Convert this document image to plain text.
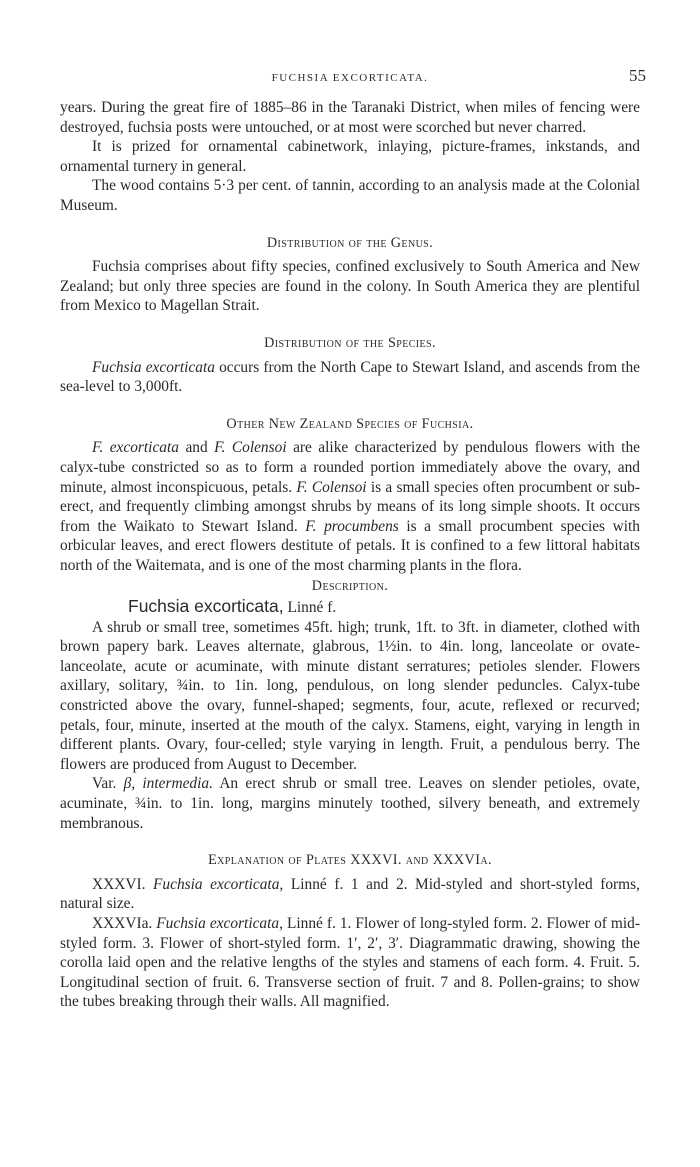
FUCHSIA EXCORTICATA.	55

years. During the great fire of 1885–86 in the Taranaki District, when miles of fencing were destroyed, fuchsia posts were untouched, or at most were scorched but never charred.

It is prized for ornamental cabinetwork, inlaying, picture-frames, inkstands, and ornamental turnery in general.

The wood contains 5·3 per cent. of tannin, according to an analysis made at the Colonial Museum.

Distribution of the Genus.

Fuchsia comprises about fifty species, confined exclusively to South America and New Zealand; but only three species are found in the colony. In South America they are plentiful from Mexico to Magellan Strait.

Distribution of the Species.

Fuchsia excorticata occurs from the North Cape to Stewart Island, and ascends from the sea-level to 3,000ft.

Other New Zealand Species of Fuchsia.

F. excorticata and F. Colensoi are alike characterized by pendulous flowers with the calyx-tube constricted so as to form a rounded portion immediately above the ovary, and minute, almost inconspicuous, petals. F. Colensoi is a small species often procumbent or sub-erect, and frequently climbing amongst shrubs by means of its long simple shoots. It occurs from the Waikato to Stewart Island. F. procumbens is a small procumbent species with orbicular leaves, and erect flowers destitute of petals. It is confined to a few littoral habitats north of the Waitemata, and is one of the most charming plants in the flora.

Description.

Fuchsia excorticata, Linné f.

A shrub or small tree, sometimes 45ft. high; trunk, 1ft. to 3ft. in diameter, clothed with brown papery bark. Leaves alternate, glabrous, 1½in. to 4in. long, lanceolate or ovate-lanceolate, acute or acuminate, with minute distant serratures; petioles slender. Flowers axillary, solitary, ¾in. to 1in. long, pendulous, on long slender peduncles. Calyx-tube constricted above the ovary, funnel-shaped; segments, four, acute, reflexed or recurved; petals, four, minute, inserted at the mouth of the calyx. Stamens, eight, varying in length in different plants. Ovary, four-celled; style varying in length. Fruit, a pendulous berry. The flowers are produced from August to December.

Var. β, intermedia. An erect shrub or small tree. Leaves on slender petioles, ovate, acuminate, ¾in. to 1in. long, margins minutely toothed, silvery beneath, and extremely membranous.

Explanation of Plates XXXVI. and XXXVIa.

XXXVI. Fuchsia excorticata, Linné f. 1 and 2. Mid-styled and short-styled forms, natural size.

XXXVIa. Fuchsia excorticata, Linné f. 1. Flower of long-styled form. 2. Flower of mid-styled form. 3. Flower of short-styled form. 1′, 2′, 3′. Diagrammatic drawing, showing the corolla laid open and the relative lengths of the styles and stamens of each form. 4. Fruit. 5. Longitudinal section of fruit. 6. Transverse section of fruit. 7 and 8. Pollen-grains; to show the tubes breaking through their walls. All magnified.
